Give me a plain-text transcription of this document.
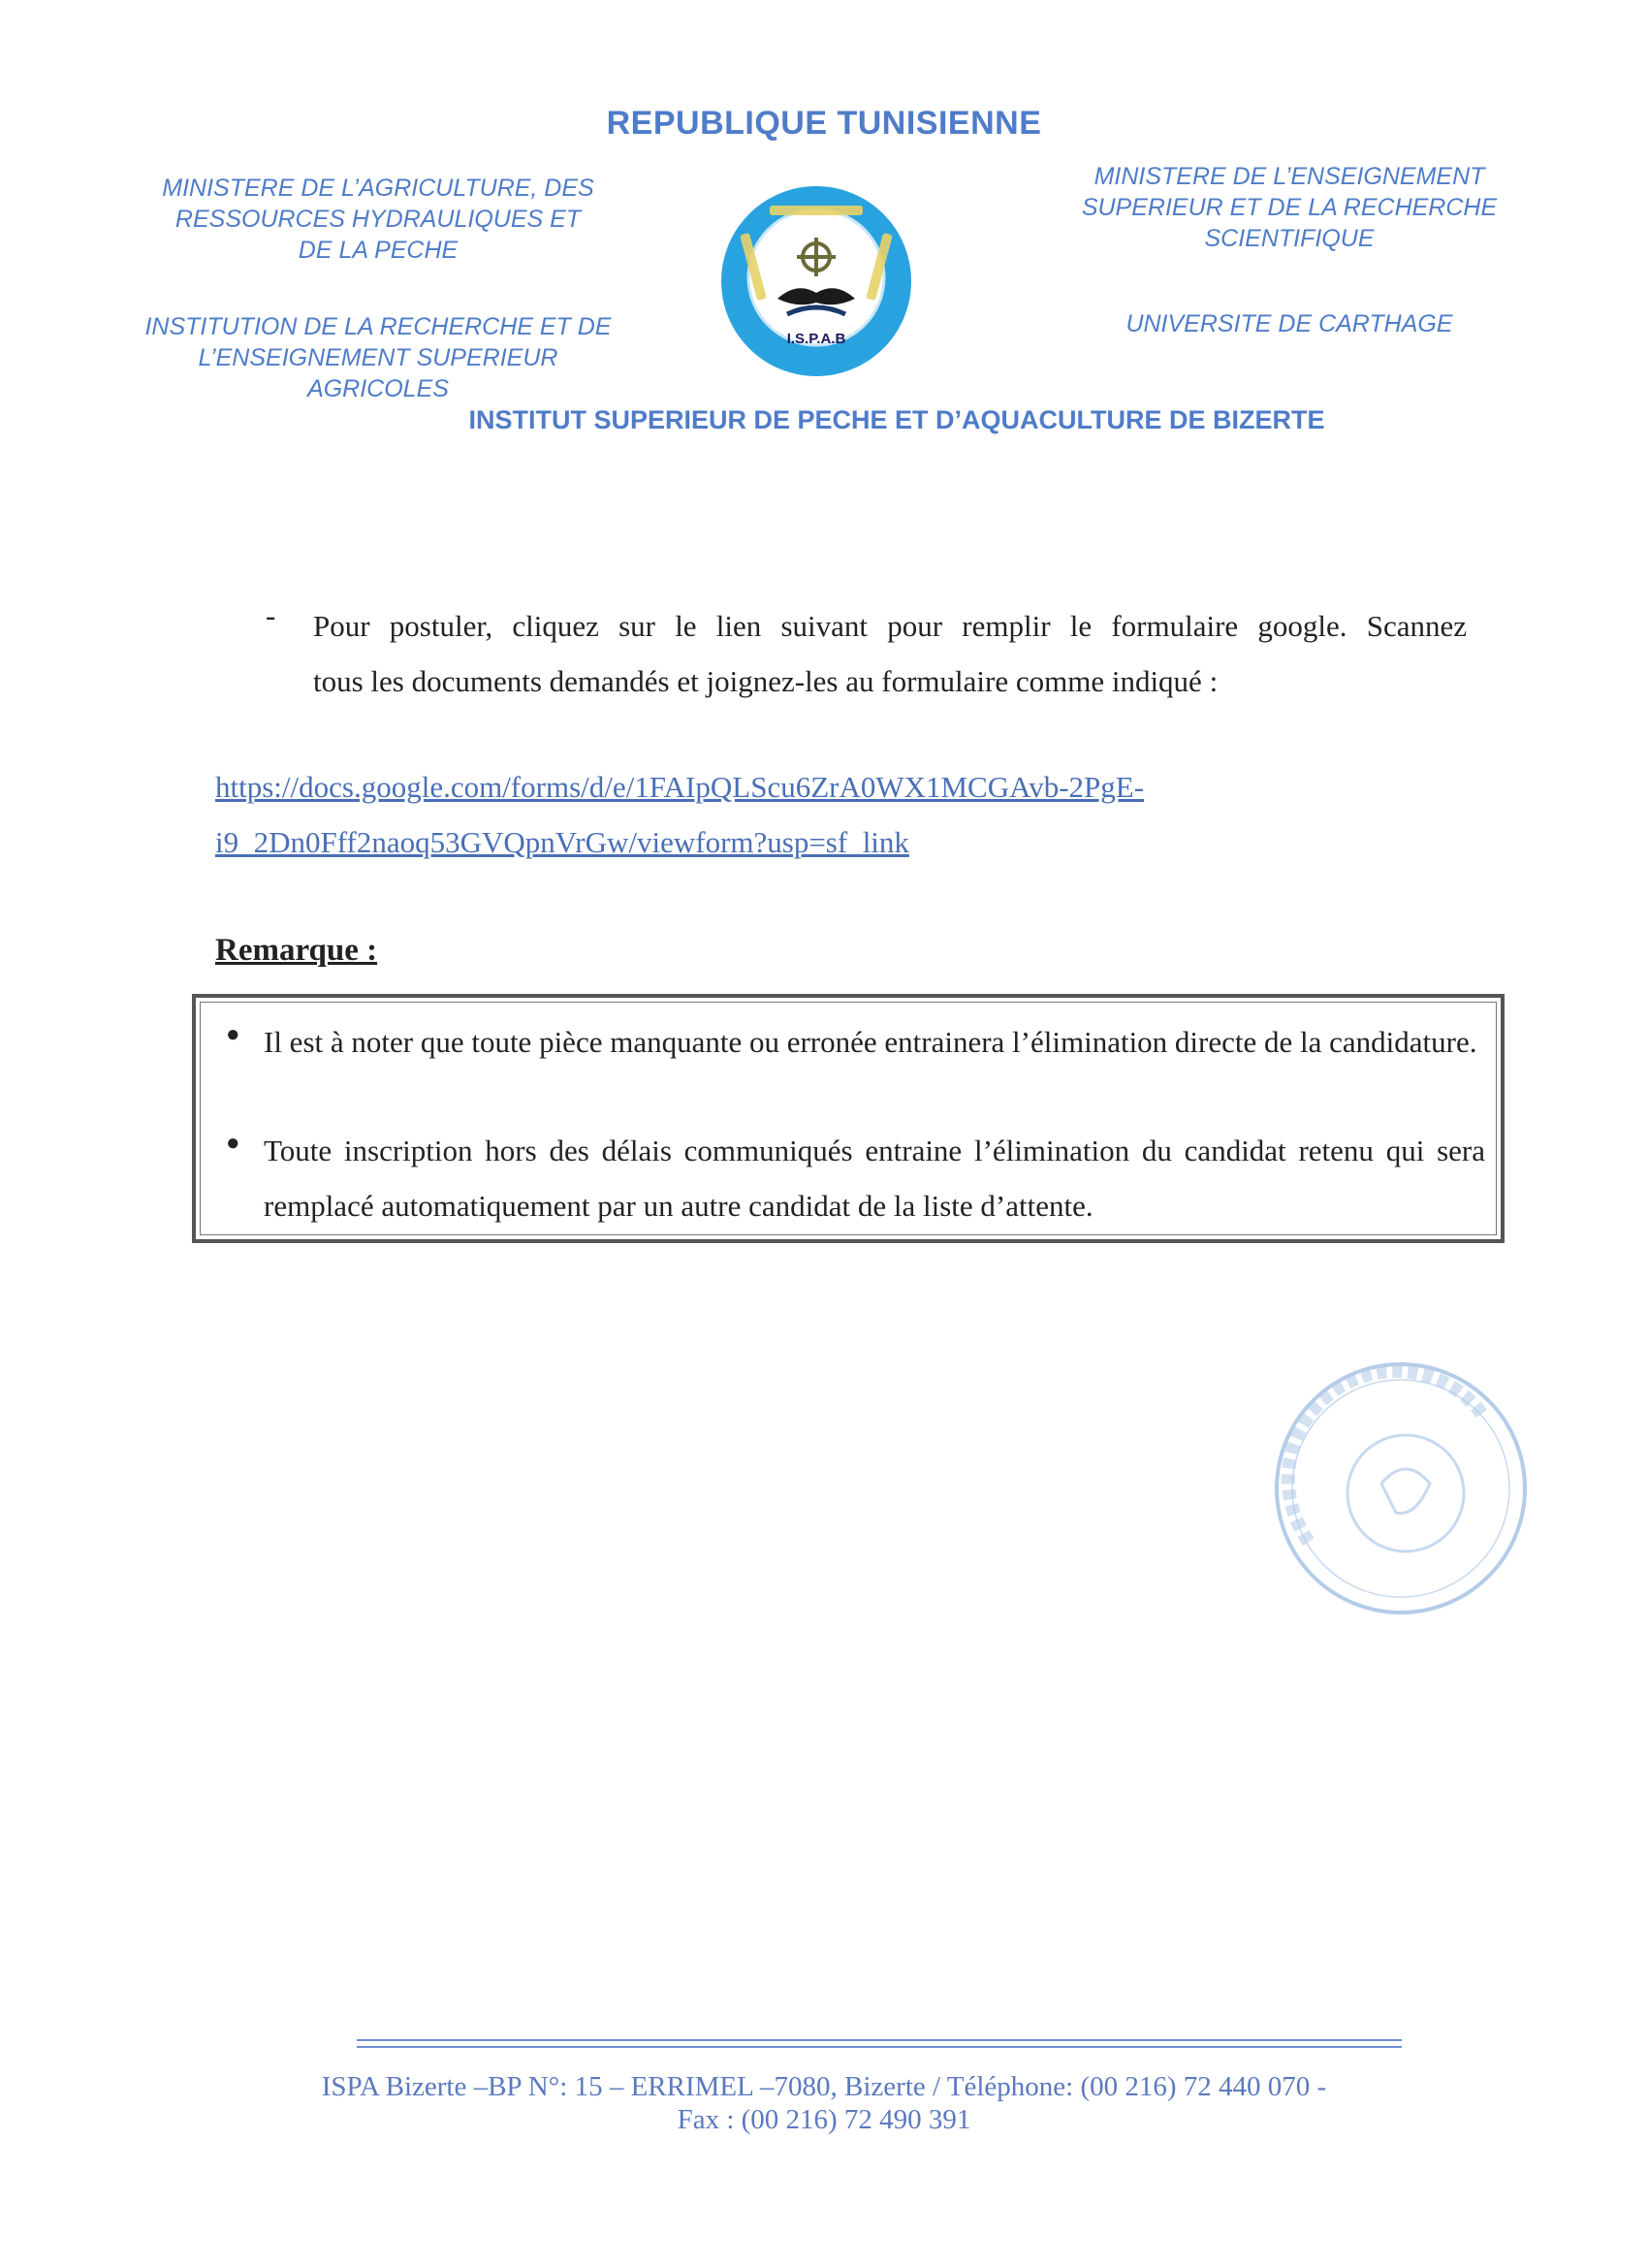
REPUBLIQUE TUNISIENNE
MINISTERE DE L’AGRICULTURE, DES
RESSOURCES HYDRAULIQUES ET
DE LA PECHE
INSTITUTION DE LA RECHERCHE ET DE
L’ENSEIGNEMENT SUPERIEUR
AGRICOLES
MINISTERE DE L’ENSEIGNEMENT
SUPERIEUR ET DE LA RECHERCHE
SCIENTIFIQUE
UNIVERSITE DE CARTHAGE
I.S.P.A.B
INSTITUT SUPERIEUR DE PECHE ET D’AQUACULTURE DE BIZERTE
- Pour postuler, cliquez sur le lien suivant pour remplir le formulaire google. Scannez
tous les documents demandés et joignez-les au formulaire comme indiqué :
https://docs.google.com/forms/d/e/1FAIpQLScu6ZrA0WX1MCGAvb-2PgE-
i9_2Dn0Fff2naoq53GVQpnVrGw/viewform?usp=sf_link
Remarque :
● Il est à noter que toute pièce manquante ou erronée entrainera l’élimination directe de la candidature.
● Toute inscription hors des délais communiqués entraine l’élimination du candidat retenu qui sera remplacé automatiquement par un autre candidat de la liste d’attente.
ISPA Bizerte –BP N°: 15 – ERRIMEL –7080, Bizerte / Téléphone: (00 216) 72 440 070 -
Fax : (00 216) 72 490 391
